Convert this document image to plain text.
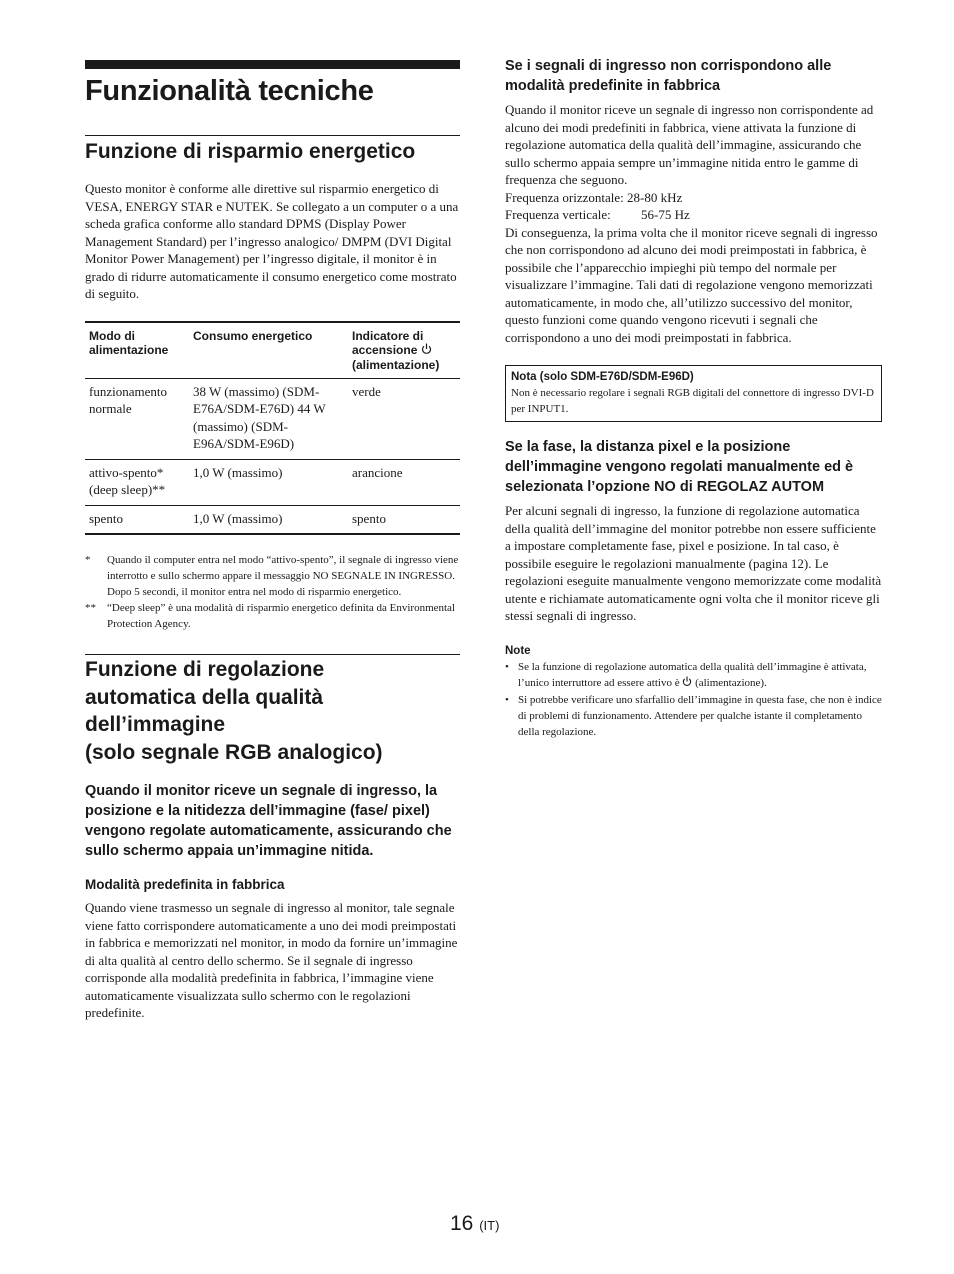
Funzionalità tecniche
Funzione di risparmio energetico

Questo monitor è conforme alle direttive sul risparmio energetico di VESA, ENERGY STAR e NUTEK. Se collegato a un computer o a una scheda grafica conforme allo standard DPMS (Display Power Management Standard) per l’ingresso analogico/ DMPM (DVI Digital Monitor Power Management) per l’ingresso digitale, il monitor è in grado di ridurre automaticamente il consumo energetico come mostrato di seguito.

Modo di alimentazione	Consumo energetico	Indicatore di accensione  (alimentazione)
funzionamento normale	38 W (massimo) (SDM-E76A/SDM-E76D) 44 W (massimo) (SDM-E96A/SDM-E96D)	verde
attivo-spento* (deep sleep)**	1,0 W (massimo)	arancione
spento	1,0 W (massimo)	spento
*	Quando il computer entra nel modo “attivo-spento”, il segnale di ingresso viene interrotto e sullo schermo appare il messaggio NO SEGNALE IN INGRESSO. Dopo 5 secondi, il monitor entra nel modo di risparmio energetico.
**	“Deep sleep” è una modalità di risparmio energetico definita da Environmental Protection Agency.
Funzione di regolazione
automatica della qualità
dell’immagine
(solo segnale RGB analogico)

Quando il monitor riceve un segnale di ingresso, la posizione e la nitidezza dell’immagine (fase/ pixel) vengono regolate automaticamente, assicurando che sullo schermo appaia un’immagine nitida.

Modalità predefinita in fabbrica

Quando viene trasmesso un segnale di ingresso al monitor, tale segnale viene fatto corrispondere automaticamente a uno dei modi preimpostati in fabbrica e memorizzati nel monitor, in modo da fornire un’immagine di alta qualità al centro dello schermo. Se il segnale di ingresso corrisponde alla modalità predefinita in fabbrica, l’immagine viene automaticamente visualizzata sullo schermo con le regolazioni predefinite.

Se i segnali di ingresso non corrispondono alle modalità predefinite in fabbrica

Quando il monitor riceve un segnale di ingresso non corrispondente ad alcuno dei modi predefiniti in fabbrica, viene attivata la funzione di regolazione automatica della qualità dell’immagine, assicurando che sullo schermo appaia sempre un’immagine nitida entro le gamme di frequenza che seguono.

Frequenza orizzontale: 28-80 kHz
Frequenza verticale: 56-75 Hz

Di conseguenza, la prima volta che il monitor riceve segnali di ingresso che non corrispondono ad alcuno dei modi preimpostati in fabbrica, è possibile che l’apparecchio impieghi più tempo del normale per visualizzare l’immagine. Tali dati di regolazione vengono memorizzati automaticamente, in modo che, all’utilizzo successivo del monitor, questo funzioni come quando vengono ricevuti i segnali che corrispondono a uno dei modi preimpostati in fabbrica.

Nota (solo SDM-E76D/SDM-E96D)
Non è necessario regolare i segnali RGB digitali del connettore di ingresso DVI-D per INPUT1.

Se la fase, la distanza pixel e la posizione dell’immagine vengono regolati manualmente ed è selezionata l’opzione NO di REGOLAZ AUTOM

Per alcuni segnali di ingresso, la funzione di regolazione automatica della qualità dell’immagine del monitor potrebbe non essere sufficiente a impostare completamente fase, pixel e posizione. In tal caso, è possibile eseguire le regolazioni manualmente (pagina 12). Le regolazioni eseguite manualmente vengono memorizzate come modalità utente e richiamate automaticamente ogni volta che il monitor riceve gli stessi segnali di ingresso.

Note
• Se la funzione di regolazione automatica della qualità dell’immagine è attivata, l’unico interruttore ad essere attivo è (alimentazione).
• Si potrebbe verificare uno sfarfallio dell’immagine in questa fase, che non è indice di problemi di funzionamento. Attendere per qualche istante il completamento della regolazione.
16 (IT)
